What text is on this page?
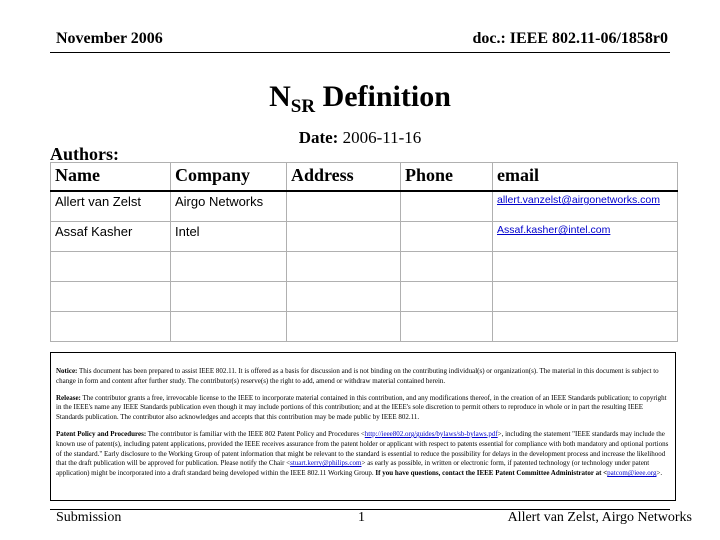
November 2006	doc.: IEEE 802.11-06/1858r0
$N_{SR}$ Definition
Date: 2006-11-16
Authors:
Name	Company	Address	Phone	email
Allert van Zelst	Airgo Networks			allert.vanzelst@airgonetworks.com
Assaf Kasher	Intel			Assaf.kasher@intel.com

Notice: This document has been prepared to assist IEEE 802.11. It is offered as a basis for discussion and is not binding on the contributing individual(s) or organization(s). The material in this document is subject to change in form and content after further study. The contributor(s) reserve(s) the right to add, amend or withdraw material contained herein.

Release: The contributor grants a free, irrevocable license to the IEEE to incorporate material contained in this contribution, and any modifications thereof, in the creation of an IEEE Standards publication; to copyright in the IEEE's name any IEEE Standards publication even though it may include portions of this contribution; and at the IEEE's sole discretion to permit others to reproduce in whole or in part the resulting IEEE Standards publication. The contributor also acknowledges and accepts that this contribution may be made public by IEEE 802.11.

Patent Policy and Procedures: The contributor is familiar with the IEEE 802 Patent Policy and Procedures <http://ieee802.org/guides/bylaws/sb-bylaws.pdf>, including the statement "IEEE standards may include the known use of patent(s), including patent applications, provided the IEEE receives assurance from the patent holder or applicant with respect to patents essential for compliance with both mandatory and optional portions of the standard." Early disclosure to the Working Group of patent information that might be relevant to the standard is essential to reduce the possibility for delays in the development process and increase the likelihood that the draft publication will be approved for publication. Please notify the Chair <stuart.kerry@philips.com> as early as possible, in written or electronic form, if patented technology (or technology under patent application) might be incorporated into a draft standard being developed within the IEEE 802.11 Working Group. If you have questions, contact the IEEE Patent Committee Administrator at <patcom@ieee.org>.

Submission	1	Allert van Zelst, Airgo Networks
